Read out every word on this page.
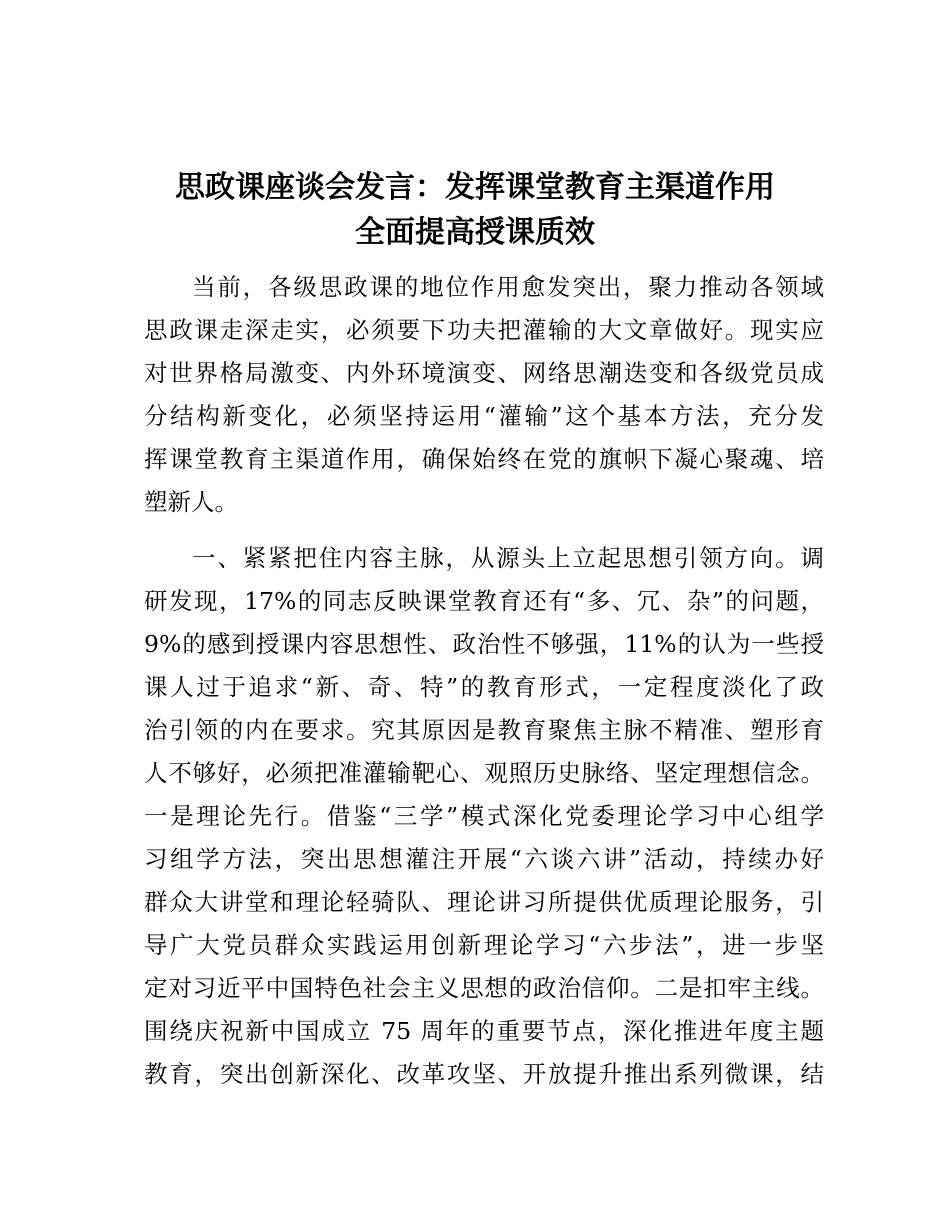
思政课座谈会发言：发挥课堂教育主渠道作用
全面提高授课质效

当前，各级思政课的地位作用愈发突出，聚力推动各领域

思政课走深走实，必须要下功夫把灌输的大文章做好。现实应

对世界格局激变、内外环境演变、网络思潮迭变和各级党员成

分结构新变化，必须坚持运用“灌输”这个基本方法，充分发

挥课堂教育主渠道作用，确保始终在党的旗帜下凝心聚魂、培

塑新人。

一、紧紧把住内容主脉，从源头上立起思想引领方向。调

研发现，17%的同志反映课堂教育还有“多、冗、杂”的问题，

9%的感到授课内容思想性、政治性不够强，11%的认为一些授

课人过于追求“新、奇、特”的教育形式，一定程度淡化了政

治引领的内在要求。究其原因是教育聚焦主脉不精准、塑形育

人不够好，必须把准灌输靶心、观照历史脉络、坚定理想信念。

一是理论先行。借鉴“三学”模式深化党委理论学习中心组学

习组学方法，突出思想灌注开展“六谈六讲”活动，持续办好

群众大讲堂和理论轻骑队、理论讲习所提供优质理论服务，引

导广大党员群众实践运用创新理论学习“六步法”，进一步坚

定对习近平中国特色社会主义思想的政治信仰。二是扣牢主线。

围绕庆祝新中国成立 75 周年的重要节点，深化推进年度主题

教育，突出创新深化、改革攻坚、开放提升推出系列微课，结
